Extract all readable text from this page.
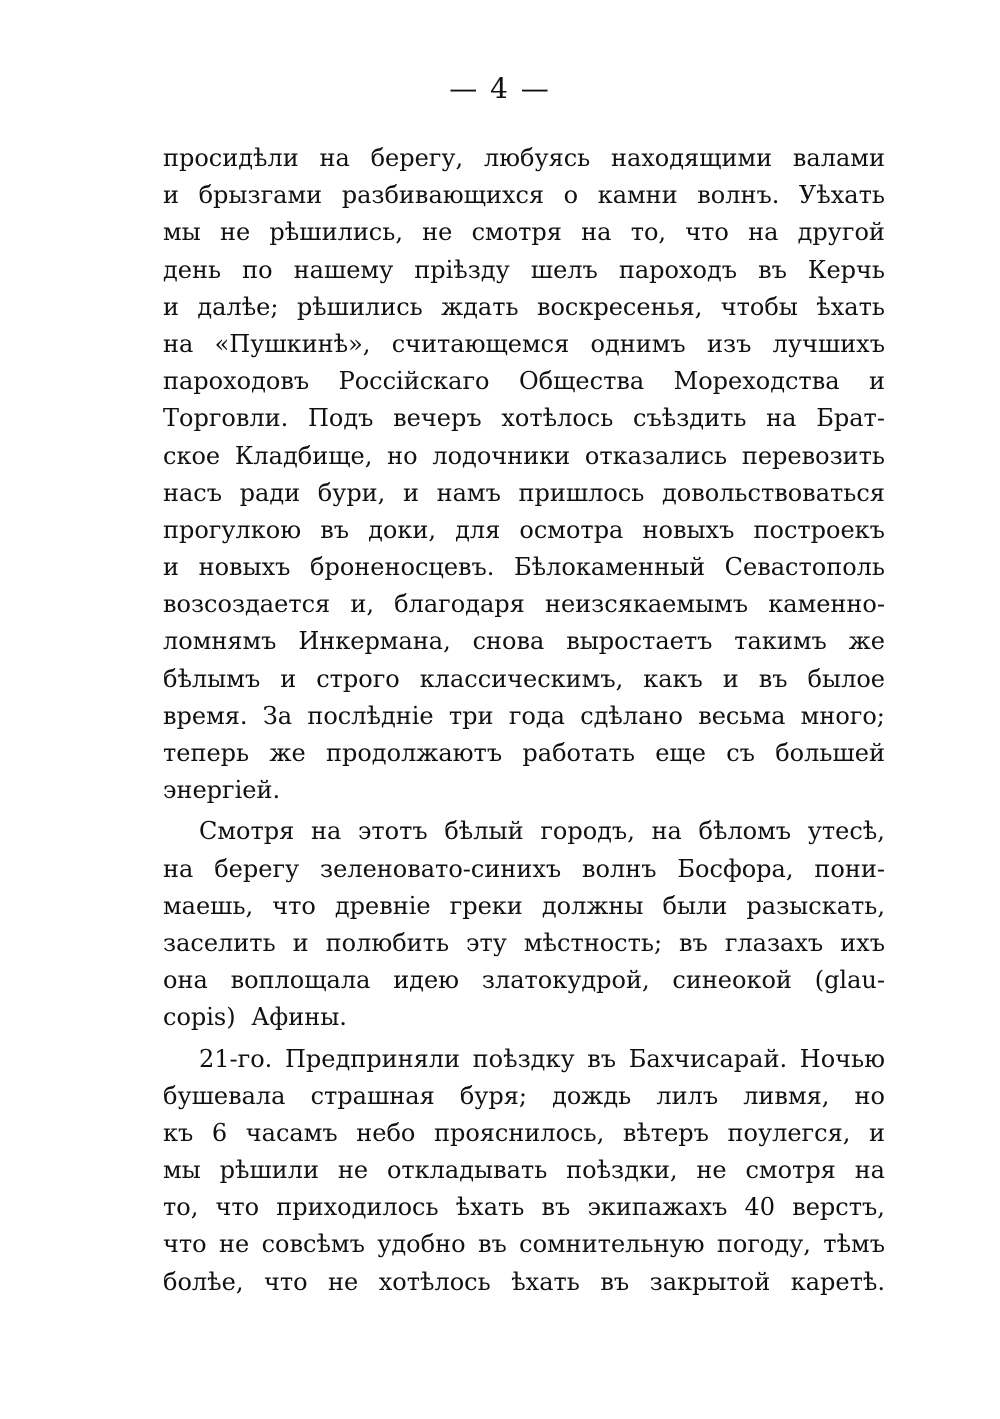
— 4 —
просидѣли на берегу, любуясь находящими валами
и брызгами разбивающихся о камни волнъ. Уѣхать
мы не рѣшились, не смотря на то, что на другой
день по нашему пріѣзду шелъ пароходъ въ Керчь
и далѣе; рѣшились ждать воскресенья, чтобы ѣхать
на «Пушкинѣ», считающемся однимъ изъ лучшихъ
пароходовъ Россійскаго Общества Мореходства и
Торговли. Подъ вечеръ хотѣлось съѣздить на Брат-
ское Кладбище, но лодочники отказались перевозить
насъ ради бури, и намъ пришлось довольствоваться
прогулкою въ доки, для осмотра новыхъ построекъ
и новыхъ броненосцевъ. Бѣлокаменный Севастополь
возсоздается и, благодаря неизсякаемымъ каменно-
ломнямъ Инкермана, снова выростаетъ такимъ же
бѣлымъ и строго классическимъ, какъ и въ былое
время. За послѣдніе три года сдѣлано весьма много;
теперь же продолжаютъ работать еще съ большей
энергіей.
Смотря на этотъ бѣлый городъ, на бѣломъ утесѣ,
на берегу зеленовато-синихъ волнъ Босфора, пони-
маешь, что древніе греки должны были разыскать,
заселить и полюбить эту мѣстность; въ глазахъ ихъ
она воплощала идею златокудрой, синеокой (glau-
copis) Афины.
21-го. Предприняли поѣздку въ Бахчисарай. Ночью
бушевала страшная буря; дождь лилъ ливмя, но
къ 6 часамъ небо прояснилось, вѣтеръ поулегся, и
мы рѣшили не откладывать поѣздки, не смотря на
то, что приходилось ѣхать въ экипажахъ 40 верстъ,
что не совсѣмъ удобно въ сомнительную погоду, тѣмъ
болѣе, что не хотѣлось ѣхать въ закрытой каретѣ.
